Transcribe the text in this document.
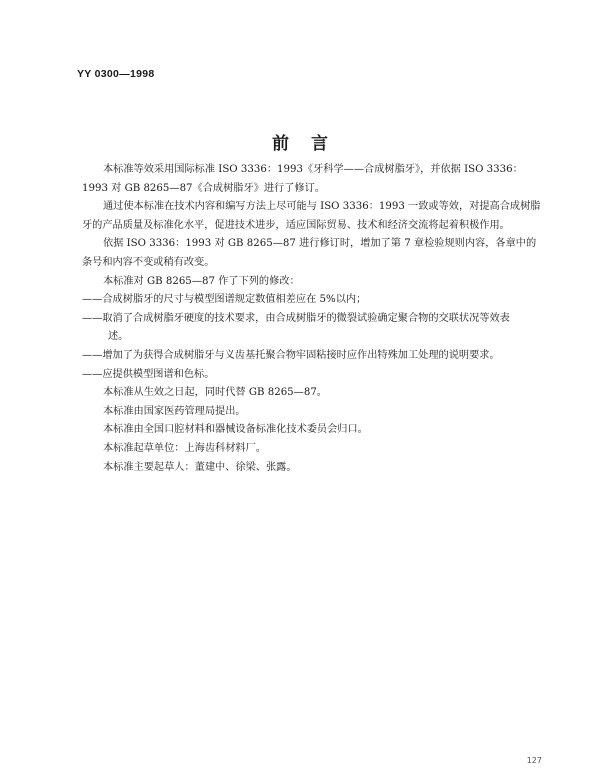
YY 0300—1998
前言

本标准等效采用国际标准 ISO 3336：1993《牙科学——合成树脂牙》，并依据 ISO 3336：1993 对 GB 8265—87《合成树脂牙》进行了修订。

通过使本标准在技术内容和编写方法上尽可能与 ISO 3336：1993 一致或等效，对提高合成树脂牙的产品质量及标准化水平，促进技术进步，适应国际贸易、技术和经济交流将起着积极作用。

依据 ISO 3336：1993 对 GB 8265—87 进行修订时，增加了第 7 章检验规则内容，各章中的条号和内容不变或稍有改变。

本标准对 GB 8265—87 作了下列的修改：

——合成树脂牙的尺寸与模型图谱规定数值相差应在 5%以内；

——取消了合成树脂牙硬度的技术要求，由合成树脂牙的微裂试验确定聚合物的交联状况等效表
述。

——增加了为获得合成树脂牙与义齿基托聚合物牢固粘接时应作出特殊加工处理的说明要求。

——应提供模型图谱和色标。

本标准从生效之日起，同时代替 GB 8265—87。

本标准由国家医药管理局提出。

本标准由全国口腔材料和器械设备标准化技术委员会归口。

本标准起草单位：上海齿科材料厂。

本标准主要起草人：董建中、徐梁、张露。

127
